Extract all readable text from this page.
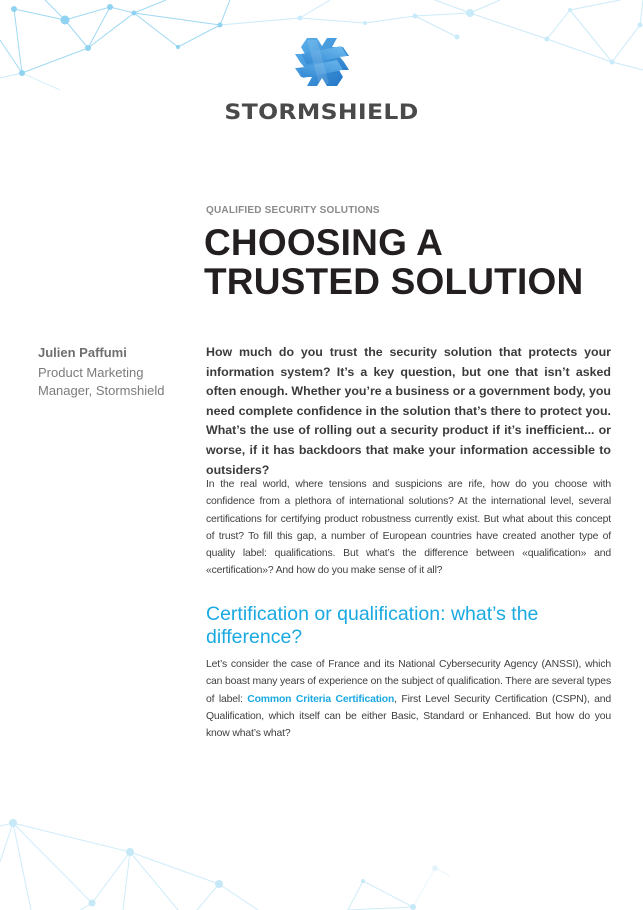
STORMSHIELD
QUALIFIED SECURITY SOLUTIONS
CHOOSING A
TRUSTED SOLUTION
Julien Paffumi
Product Marketing
Manager, Stormshield

How much do you trust the security solution that protects your information system? It’s a key question, but one that isn’t asked often enough. Whether you’re a business or a government body, you need complete confidence in the solution that’s there to protect you. What’s the use of rolling out a security product if it’s inefficient... or worse, if it has backdoors that make your information accessible to outsiders?

In the real world, where tensions and suspicions are rife, how do you choose with confidence from a plethora of international solutions? At the international level, several certifications for certifying product robustness currently exist. But what about this concept of trust? To fill this gap, a number of European countries have created another type of quality label: qualifications. But what’s the difference between «qualification» and «certification»? And how do you make sense of it all?

Certification or qualification: what’s the difference?

Let’s consider the case of France and its National Cybersecurity Agency (ANSSI), which can boast many years of experience on the subject of qualification. There are several types of label: Common Criteria Certification, First Level Security Certification (CSPN), and Qualification, which itself can be either Basic, Standard or Enhanced. But how do you know what’s what?
